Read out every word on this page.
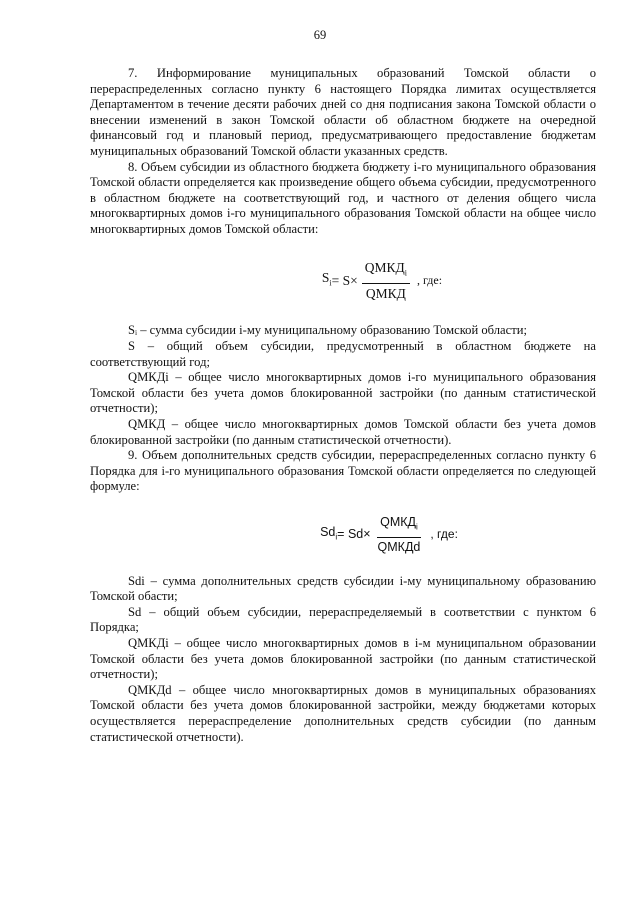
69

7. Информирование муниципальных образований Томской области о перераспределенных согласно пункту 6 настоящего Порядка лимитах осуществляется Департаментом в течение десяти рабочих дней со дня подписания закона Томской области о внесении изменений в закон Томской области об областном бюджете на очередной финансовый год и плановый период, предусматривающего предоставление бюджетам муниципальных образований Томской области указанных средств.

8. Объем субсидии из областного бюджета бюджету i-го муниципального образования Томской области определяется как произведение общего объема субсидии, предусмотренного в областном бюджете на соответствующий год, и частного от деления общего числа многоквартирных домов i-го муниципального образования Томской области на общее число многоквартирных домов Томской области:

$S_i = S\times \frac{QМКД_i}{\text{QМКД}}$ , где:

Sᵢ – сумма субсидии i-му муниципальному образованию Томской области;

S – общий объем субсидии, предусмотренный в областном бюджете на соответствующий год;

QМКДi – общее число многоквартирных домов i-го муниципального образования Томской области без учета домов блокированной застройки (по данным статистической отчетности);

QМКД – общее число многоквартирных домов Томской области без учета домов блокированной застройки (по данным статистической отчетности).

9. Объем дополнительных средств субсидии, перераспределенных согласно пункту 6 Порядка для i-го муниципального образования Томской области определяется по следующей формуле:

$Sd_i = Sd\times \frac{QМКД_i}{\text{QМКДd}}$ , где:

Sdi – сумма дополнительных средств субсидии i-му муниципальному образованию Томской обасти;

Sd – общий объем субсидии, перераспределяемый в соответствии с пунктом 6 Порядка;

QМКДi – общее число многоквартирных домов в i-м муниципальном образовании Томской области без учета домов блокированной застройки (по данным статистической отчетности);

QМКДd – общее число многоквартирных домов в муниципальных образованиях Томской области без учета домов блокированной застройки, между бюджетами которых осуществляется перераспределение дополнительных средств субсидии (по данным статистической отчетности).
